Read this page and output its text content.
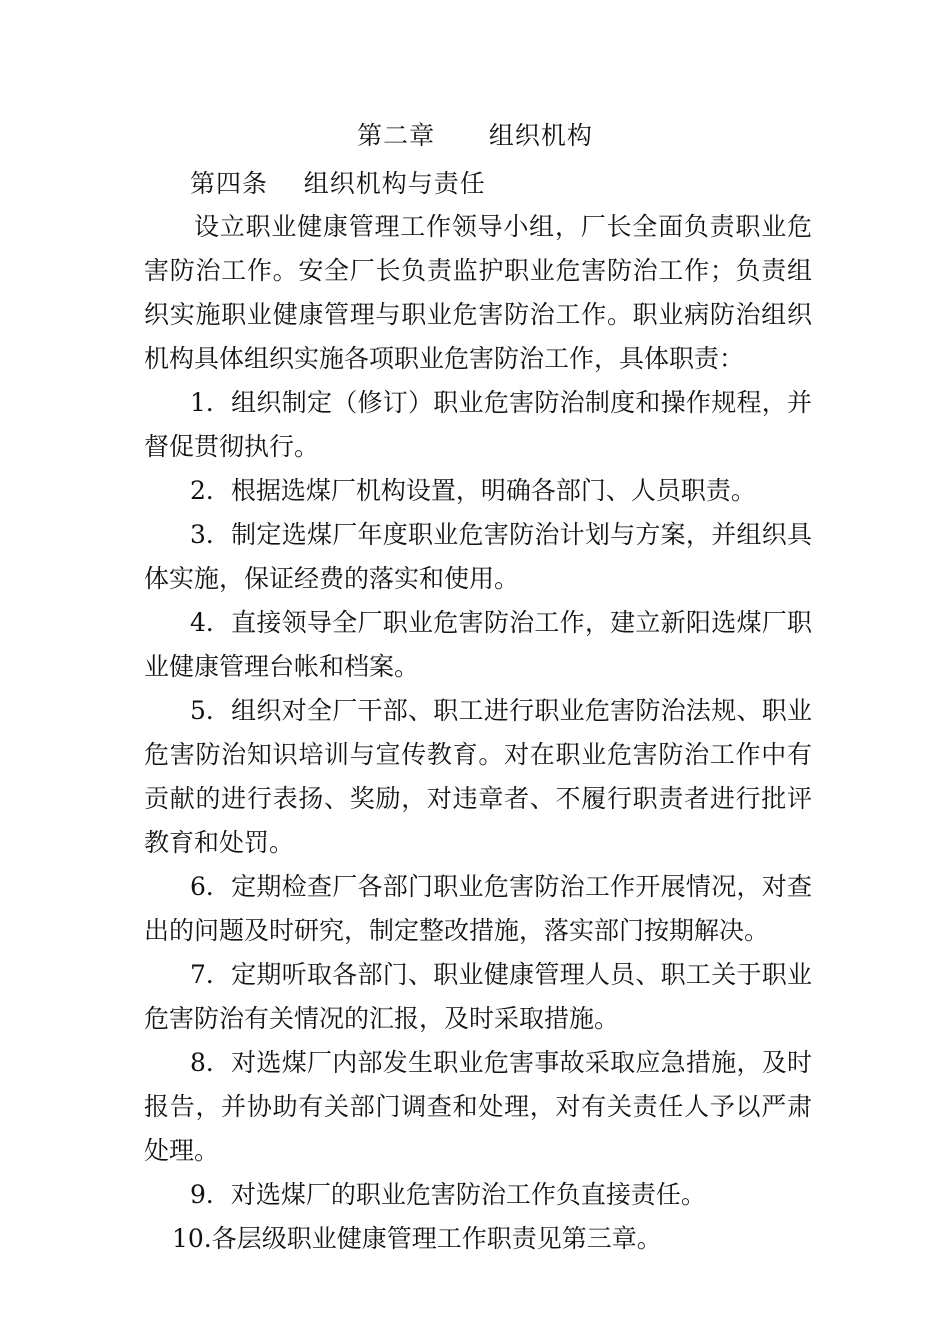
第二章      组织机构
第四条    组织机构与责任

设立职业健康管理工作领导小组，厂长全面负责职业危害防治工作。安全厂长负责监护职业危害防治工作；负责组织实施职业健康管理与职业危害防治工作。职业病防治组织机构具体组织实施各项职业危害防治工作，具体职责：

1．组织制定（修订）职业危害防治制度和操作规程，并督促贯彻执行。

2．根据选煤厂机构设置，明确各部门、人员职责。

3．制定选煤厂年度职业危害防治计划与方案，并组织具体实施，保证经费的落实和使用。

4．直接领导全厂职业危害防治工作，建立新阳选煤厂职业健康管理台帐和档案。

5．组织对全厂干部、职工进行职业危害防治法规、职业危害防治知识培训与宣传教育。对在职业危害防治工作中有贡献的进行表扬、奖励，对违章者、不履行职责者进行批评教育和处罚。

6．定期检查厂各部门职业危害防治工作开展情况，对查出的问题及时研究，制定整改措施，落实部门按期解决。

7．定期听取各部门、职业健康管理人员、职工关于职业危害防治有关情况的汇报，及时采取措施。

8．对选煤厂内部发生职业危害事故采取应急措施，及时报告，并协助有关部门调查和处理，对有关责任人予以严肃处理。

9．对选煤厂的职业危害防治工作负直接责任。

10.各层级职业健康管理工作职责见第三章。
